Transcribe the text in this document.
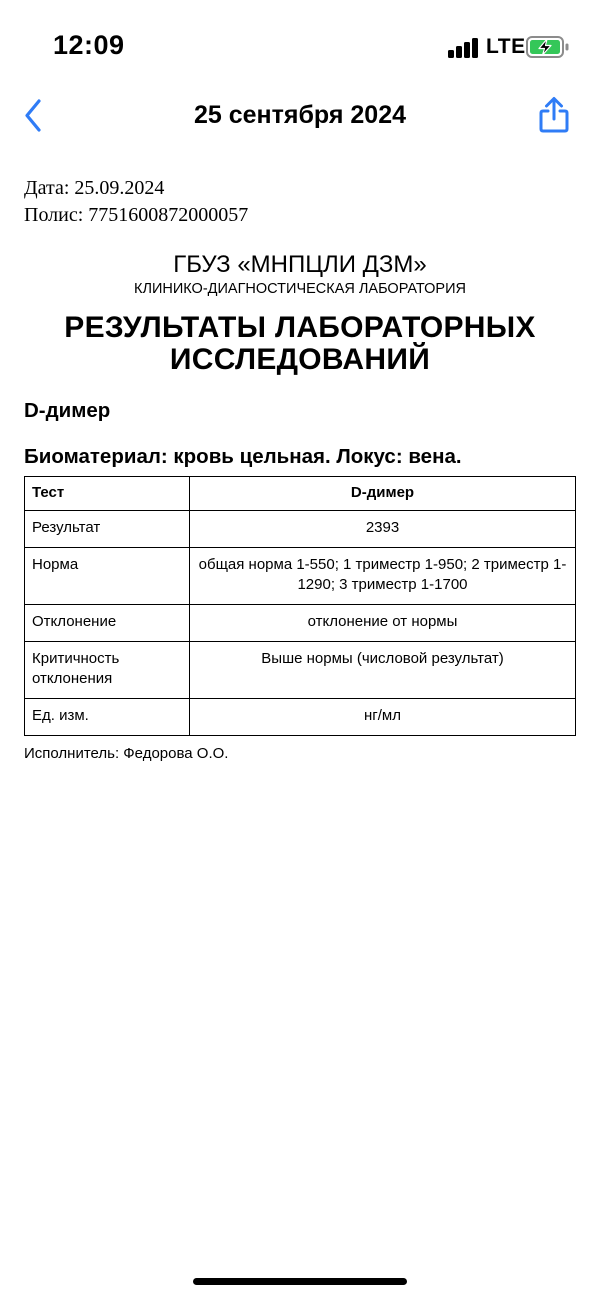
12:09	LTE
25 сентября 2024
Дата: 25.09.2024
Полис: 7751600872000057
ГБУЗ «МНПЦЛИ ДЗМ»
КЛИНИКО-ДИАГНОСТИЧЕСКАЯ ЛАБОРАТОРИЯ
РЕЗУЛЬТАТЫ ЛАБОРАТОРНЫХ ИССЛЕДОВАНИЙ
D-димер
Биоматериал: кровь цельная. Локус: вена.
Тест	D-димер
Результат	2393
Норма	общая норма 1-550; 1 триместр 1-950; 2 триместр 1-1290; 3 триместр 1-1700
Отклонение	отклонение от нормы
Критичность отклонения	Выше нормы (числовой результат)
Ед. изм.	нг/мл
Исполнитель: Федорова О.О.
